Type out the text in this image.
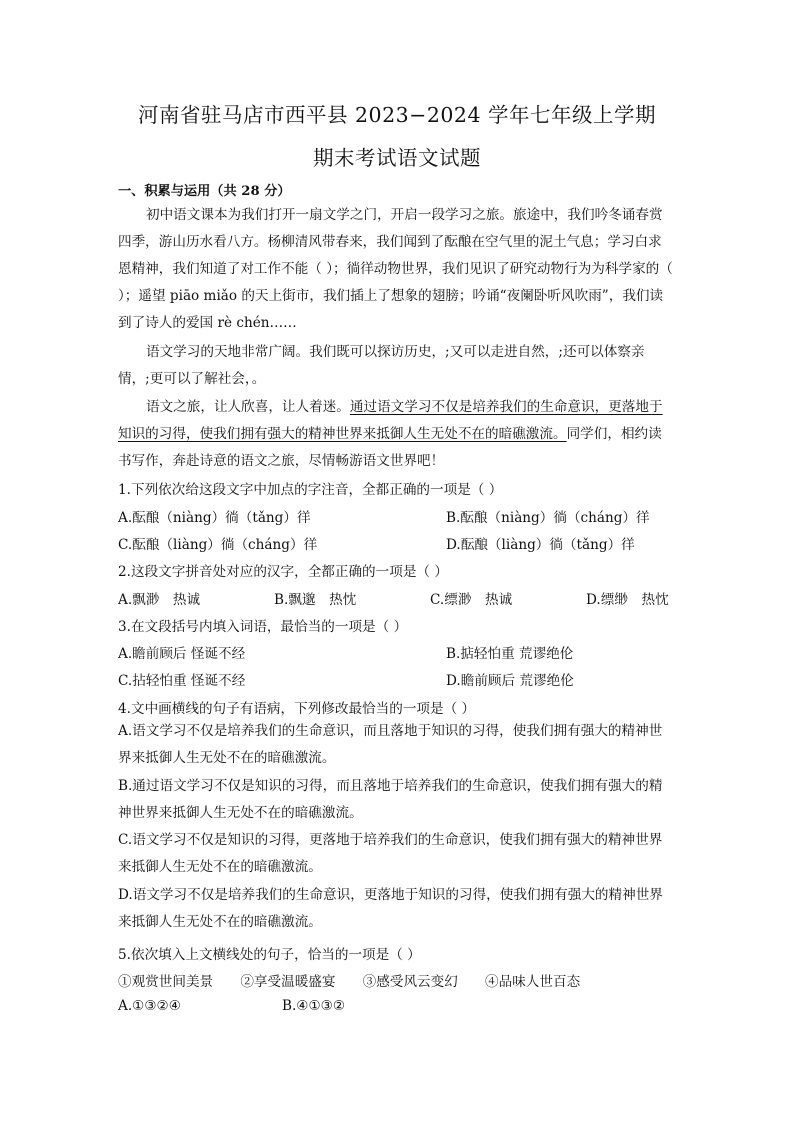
河南省驻马店市西平县 2023−2024 学年七年级上学期
期末考试语文试题
一、积累与运用（共 28 分）
初中语文课本为我们打开一扇文学之门，开启一段学习之旅。旅途中，我们吟冬诵春赏四季，游山历水看八方。杨柳清风带春来，我们闻到了酝酿在空气里的泥土气息；学习白求恩精神，我们知道了对工作不能（ ）；徜徉动物世界，我们见识了研究动物行为为科学家的（ ）；遥望 piāo miǎo 的天上街市，我们插上了想象的翅膀；吟诵“夜阑卧听风吹雨”，我们读到了诗人的爱国 rè chén……
语文学习的天地非常广阔。我们既可以探访历史，;又可以走进自然，;还可以体察亲情，;更可以了解社会，。
语文之旅，让人欣喜，让人着迷。通过语文学习不仅是培养我们的生命意识，更落地于知识的习得，使我们拥有强大的精神世界来抵御人生无处不在的暗礁激流。同学们，相约读书写作，奔赴诗意的语文之旅，尽情畅游语文世界吧！
1.下列依次给这段文字中加点的字注音，全都正确的一项是（ ）
A.酝酿（niàng）徜（tǎng）徉	B.酝酿（niàng）徜（cháng）徉
C.酝酿（liàng）徜（cháng）徉	D.酝酿（liàng）徜（tǎng）徉
2.这段文字拼音处对应的汉字，全都正确的一项是（ ）
A.飘渺　热诚	B.飘邈　热忱	C.缥渺　热诚	D.缥缈　热忱
3.在文段括号内填入词语，最恰当的一项是（ ）
A.瞻前顾后 怪诞不经	B.掂轻怕重 荒谬绝伦
C.拈轻怕重 怪诞不经	D.瞻前顾后 荒谬绝伦
4.文中画横线的句子有语病，下列修改最恰当的一项是（ ）
A.语文学习不仅是培养我们的生命意识，而且落地于知识的习得，使我们拥有强大的精神世界来抵御人生无处不在的暗礁激流。
B.通过语文学习不仅是知识的习得，而且落地于培养我们的生命意识，使我们拥有强大的精神世界来抵御人生无处不在的暗礁激流。
C.语文学习不仅是知识的习得，更落地于培养我们的生命意识，使我们拥有强大的精神世界来抵御人生无处不在的暗礁激流。
D.语文学习不仅是培养我们的生命意识，更落地于知识的习得，使我们拥有强大的精神世界来抵御人生无处不在的暗礁激流。
5.依次填入上文横线处的句子，恰当的一项是（ ）
①观赏世间美景　　②享受温暖盛宴　　③感受风云变幻　　④品味人世百态
A.①③②④	B.④①③②
